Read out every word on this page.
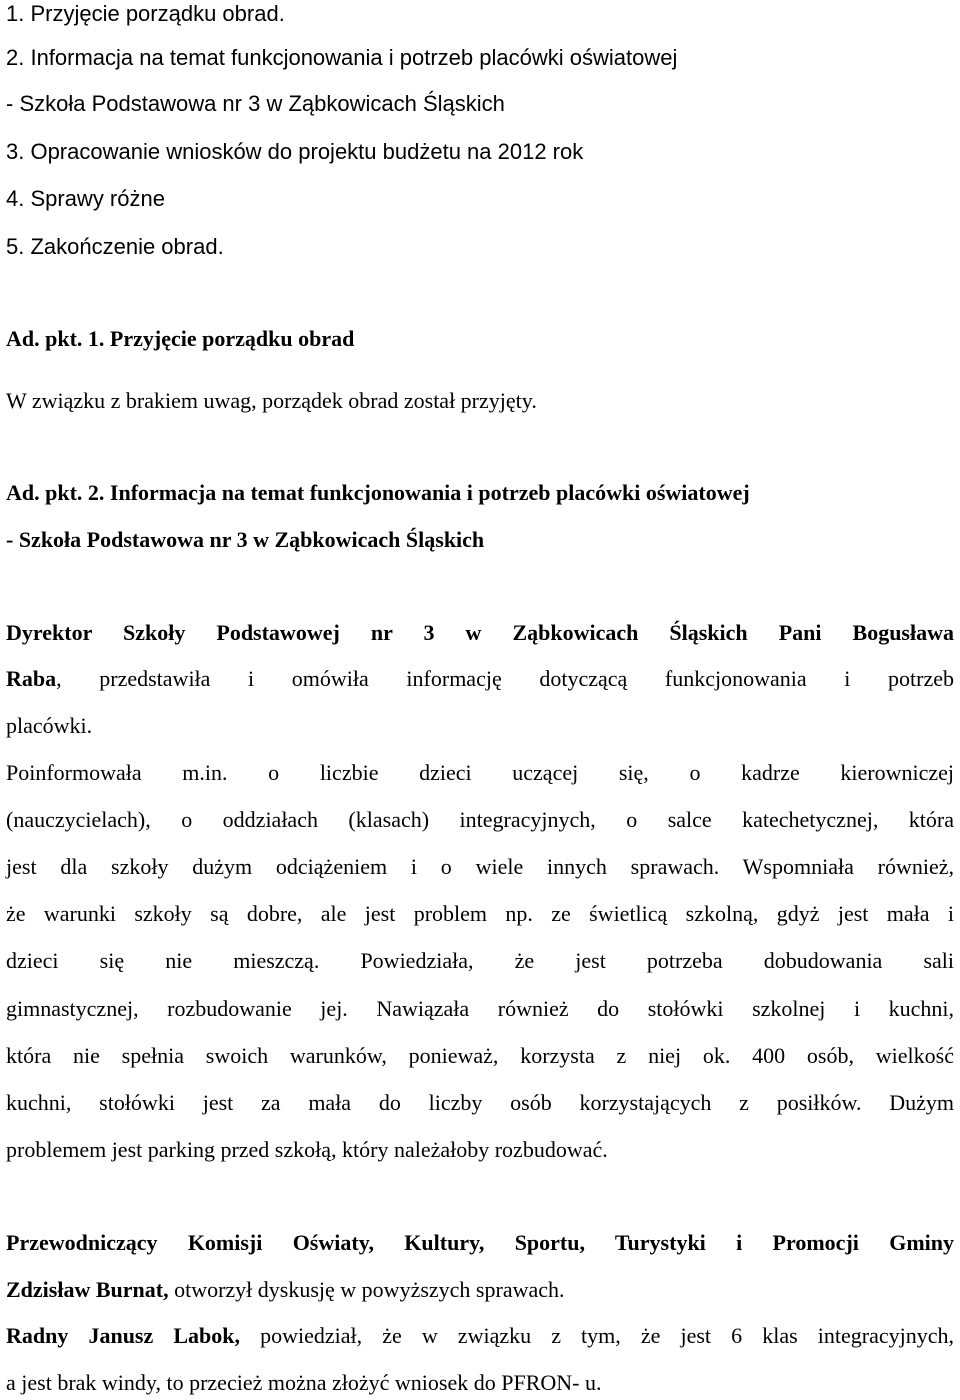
1. Przyjęcie porządku obrad.
2. Informacja na temat funkcjonowania i potrzeb placówki oświatowej
- Szkoła Podstawowa nr 3 w Ząbkowicach Śląskich
3. Opracowanie wniosków do projektu budżetu na 2012 rok
4. Sprawy różne
5. Zakończenie obrad.
Ad. pkt. 1. Przyjęcie porządku obrad
W związku z brakiem uwag, porządek obrad został przyjęty.
Ad. pkt. 2. Informacja na temat funkcjonowania i potrzeb placówki oświatowej
- Szkoła Podstawowa nr 3 w Ząbkowicach Śląskich
Dyrektor Szkoły Podstawowej nr 3 w Ząbkowicach Śląskich Pani Bogusława
Raba, przedstawiła i omówiła informację dotyczącą funkcjonowania i potrzeb
placówki.
Poinformowała m.in. o liczbie dzieci uczącej się, o kadrze kierowniczej
(nauczycielach), o oddziałach (klasach) integracyjnych, o salce katechetycznej, która
jest dla szkoły dużym odciążeniem i o wiele innych sprawach. Wspomniała również,
że warunki szkoły są dobre, ale jest problem np. ze świetlicą szkolną, gdyż jest mała i
dzieci się nie mieszczą. Powiedziała, że jest potrzeba dobudowania sali
gimnastycznej, rozbudowanie jej. Nawiązała również do stołówki szkolnej i kuchni,
która nie spełnia swoich warunków, ponieważ, korzysta z niej ok. 400 osób, wielkość
kuchni, stołówki jest za mała do liczby osób korzystających z posiłków. Dużym
problemem jest parking przed szkołą, który należałoby rozbudować.
Przewodniczący Komisji Oświaty, Kultury, Sportu, Turystyki i Promocji Gminy
Zdzisław Burnat, otworzył dyskusję w powyższych sprawach.
Radny Janusz Labok, powiedział, że w związku z tym, że jest 6 klas integracyjnych,
a jest brak windy, to przecież można złożyć wniosek do PFRON- u.
